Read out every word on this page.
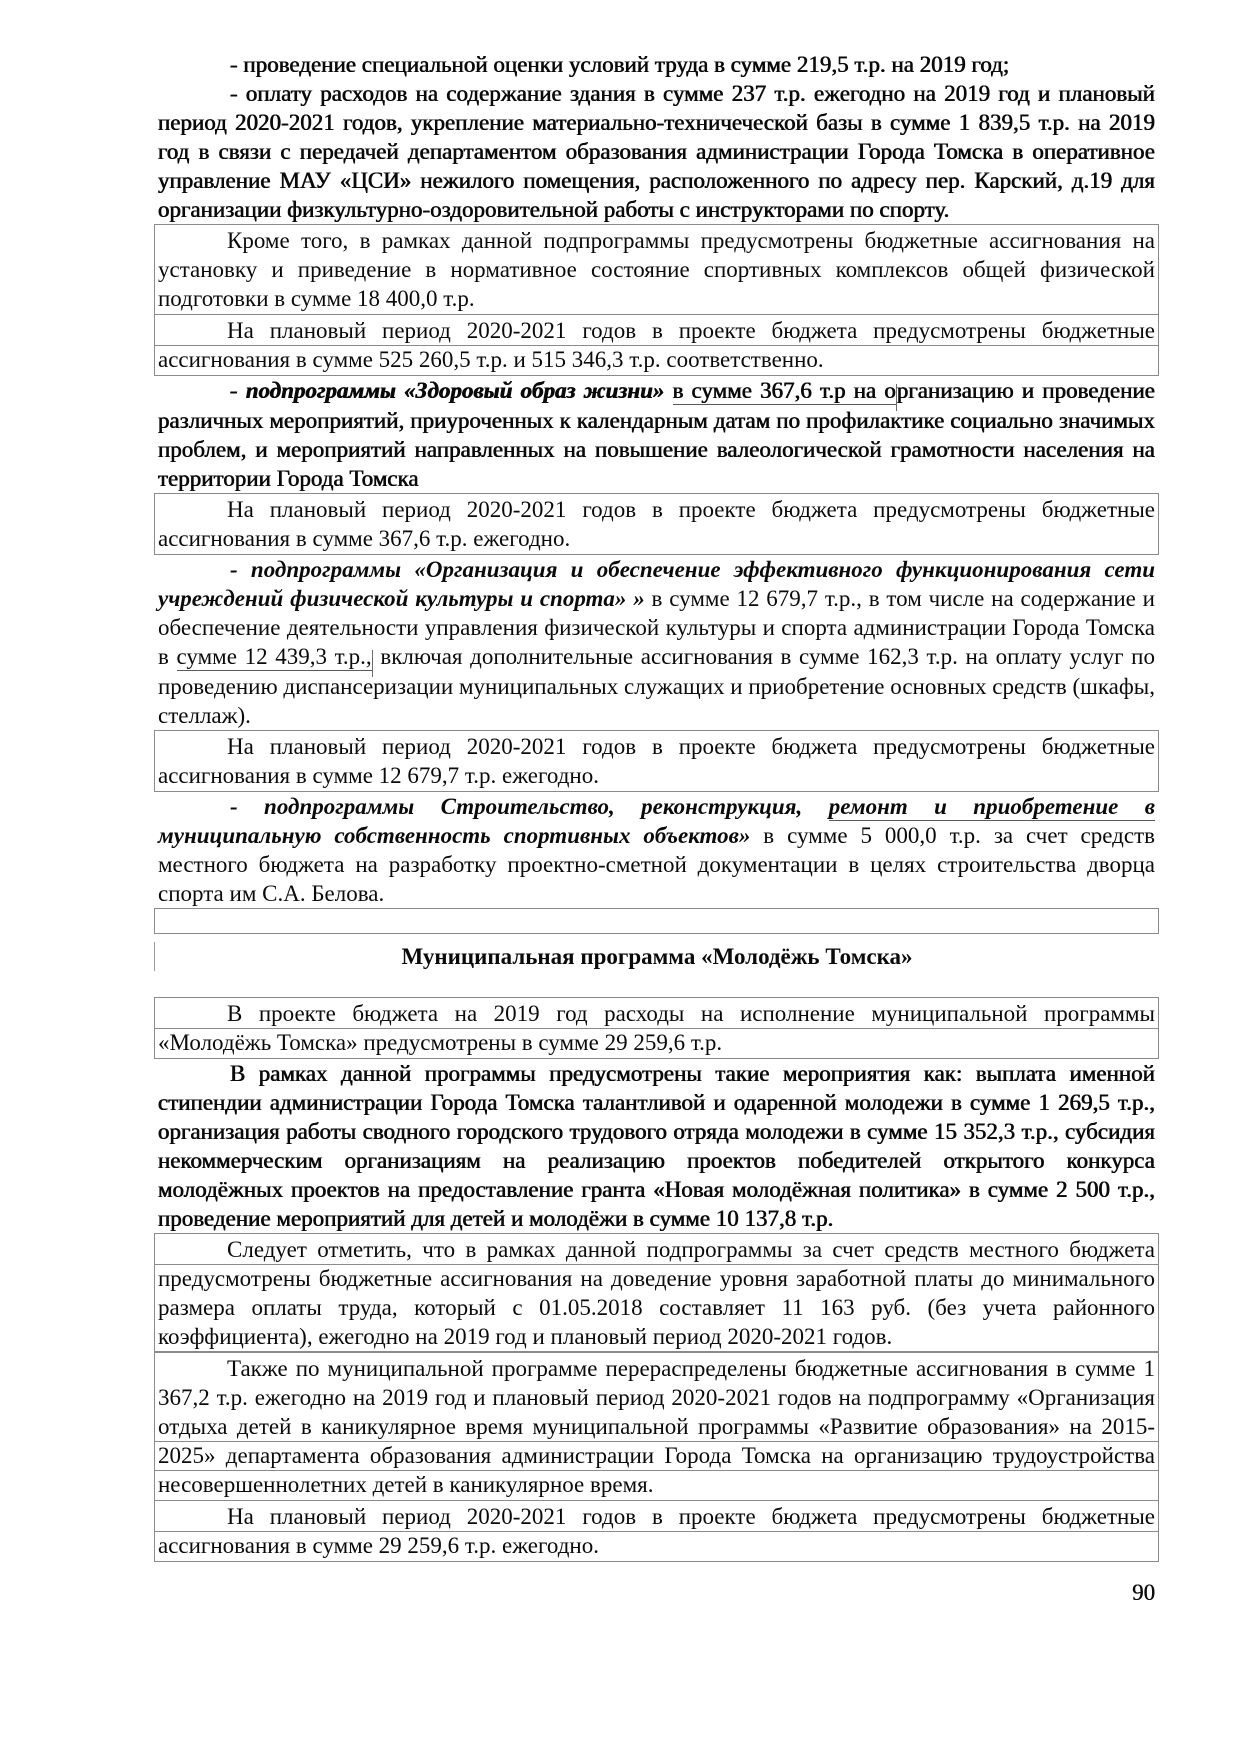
- проведение специальной оценки условий труда в сумме 219,5 т.р. на 2019 год;

- оплату расходов на содержание здания в сумме 237 т.р. ежегодно на 2019 год и плановый период 2020-2021 годов, укрепление материально-техничеческой базы в сумме 1 839,5 т.р. на 2019 год в связи с передачей департаментом образования администрации Города Томска в оперативное управление МАУ «ЦСИ» нежилого помещения, расположенного по адресу пер. Карский, д.19 для организации физкультурно-оздоровительной работы с инструкторами по спорту.

Кроме того, в рамках данной подпрограммы предусмотрены бюджетные ассигнования на установку и приведение в нормативное состояние спортивных комплексов общей физической подготовки в сумме 18 400,0 т.р.

На плановый период 2020-2021 годов в проекте бюджета предусмотрены бюджетные ассигнования в сумме 525 260,5 т.р. и 515 346,3 т.р. соответственно.

- подпрограммы «Здоровый образ жизни» в сумме 367,6 т.р на организацию и проведение различных мероприятий, приуроченных к календарным датам по профилактике социально значимых проблем, и мероприятий направленных на повышение валеологической грамотности населения на территории Города Томска

На плановый период 2020-2021 годов в проекте бюджета предусмотрены бюджетные ассигнования в сумме 367,6 т.р. ежегодно.

- подпрограммы «Организация и обеспечение эффективного функционирования сети учреждений физической культуры и спорта» » в сумме 12 679,7 т.р., в том числе на содержание и обеспечение деятельности управления физической культуры и спорта администрации Города Томска в сумме 12 439,3 т.р., включая дополнительные ассигнования в сумме 162,3 т.р. на оплату услуг по проведению диспансеризации муниципальных служащих и приобретение основных средств (шкафы, стеллаж).

На плановый период 2020-2021 годов в проекте бюджета предусмотрены бюджетные ассигнования в сумме 12 679,7 т.р. ежегодно.

- подпрограммы Строительство, реконструкция, ремонт и приобретение в муниципальную собственность спортивных объектов» в сумме 5 000,0 т.р. за счет средств местного бюджета на разработку проектно-сметной документации в целях строительства дворца спорта им С.А. Белова.

Муниципальная программа «Молодёжь Томска»

В проекте бюджета на 2019 год расходы на исполнение муниципальной программы «Молодёжь Томска» предусмотрены в сумме 29 259,6 т.р.

В рамках данной программы предусмотрены такие мероприятия как: выплата именной стипендии администрации Города Томска талантливой и одаренной молодежи в сумме 1 269,5 т.р., организация работы сводного городского трудового отряда молодежи в сумме 15 352,3 т.р., субсидия некоммерческим организациям на реализацию проектов победителей открытого конкурса молодёжных проектов на предоставление гранта «Новая молодёжная политика» в сумме 2 500 т.р., проведение мероприятий для детей и молодёжи в сумме 10 137,8 т.р.

Следует отметить, что в рамках данной подпрограммы за счет средств местного бюджета предусмотрены бюджетные ассигнования на доведение уровня заработной платы до минимального размера оплаты труда, который с 01.05.2018 составляет 11 163 руб. (без учета районного коэффициента), ежегодно на 2019 год и плановый период 2020-2021 годов.

Также по муниципальной программе перераспределены бюджетные ассигнования в сумме 1 367,2 т.р. ежегодно на 2019 год и плановый период 2020-2021 годов на подпрограмму «Организация отдыха детей в каникулярное время муниципальной программы «Развитие образования» на 2015-2025» департамента образования администрации Города Томска на организацию трудоустройства несовершеннолетних детей в каникулярное время.

На плановый период 2020-2021 годов в проекте бюджета предусмотрены бюджетные ассигнования в сумме 29 259,6 т.р. ежегодно.

90
